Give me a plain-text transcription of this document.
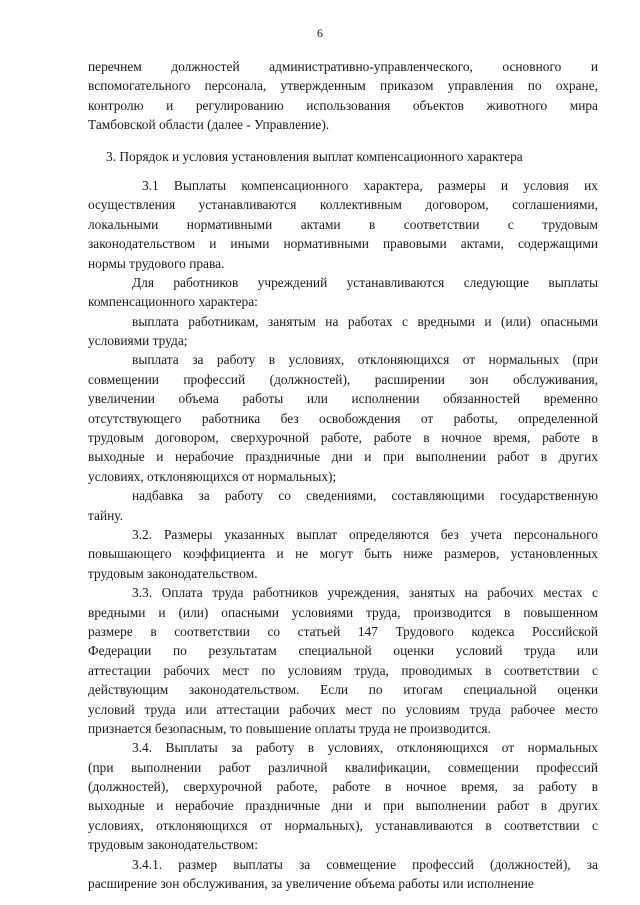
6
перечнем должностей административно-управленческого, основного и
вспомогательного персонала, утвержденным приказом управления по охране,
контролю и регулированию использования объектов животного мира
Тамбовской области (далее - Управление).
3. Порядок и условия установления выплат компенсационного характера
3.1 Выплаты компенсационного характера, размеры и условия их
осуществления устанавливаются коллективным договором, соглашениями,
локальными нормативными актами в соответствии с трудовым
законодательством и иными нормативными правовыми актами, содержащими
нормы трудового права.
Для работников учреждений устанавливаются следующие выплаты
компенсационного характера:
выплата работникам, занятым на работах с вредными и (или) опасными
условиями труда;
выплата за работу в условиях, отклоняющихся от нормальных (при
совмещении профессий (должностей), расширении зон обслуживания,
увеличении объема работы или исполнении обязанностей временно
отсутствующего работника без освобождения от работы, определенной
трудовым договором, сверхурочной работе, работе в ночное время, работе в
выходные и нерабочие праздничные дни и при выполнении работ в других
условиях, отклоняющихся от нормальных);
надбавка за работу со сведениями, составляющими государственную
тайну.
3.2. Размеры указанных выплат определяются без учета персонального
повышающего коэффициента и не могут быть ниже размеров, установленных
трудовым законодательством.
3.3. Оплата труда работников учреждения, занятых на рабочих местах с
вредными и (или) опасными условиями труда, производится в повышенном
размере в соответствии со статьей 147 Трудового кодекса Российской
Федерации по результатам специальной оценки условий труда или
аттестации рабочих мест по условиям труда, проводимых в соответствии с
действующим законодательством. Если по итогам специальной оценки
условий труда или аттестации рабочих мест по условиям труда рабочее место
признается безопасным, то повышение оплаты труда не производится.
3.4. Выплаты за работу в условиях, отклоняющихся от нормальных
(при выполнении работ различной квалификации, совмещении профессий
(должностей), сверхурочной работе, работе в ночное время, за работу в
выходные и нерабочие праздничные дни и при выполнении работ в других
условиях, отклоняющихся от нормальных), устанавливаются в соответствии с
трудовым законодательством:
3.4.1. размер выплаты за совмещение профессий (должностей), за
расширение зон обслуживания, за увеличение объема работы или исполнение
